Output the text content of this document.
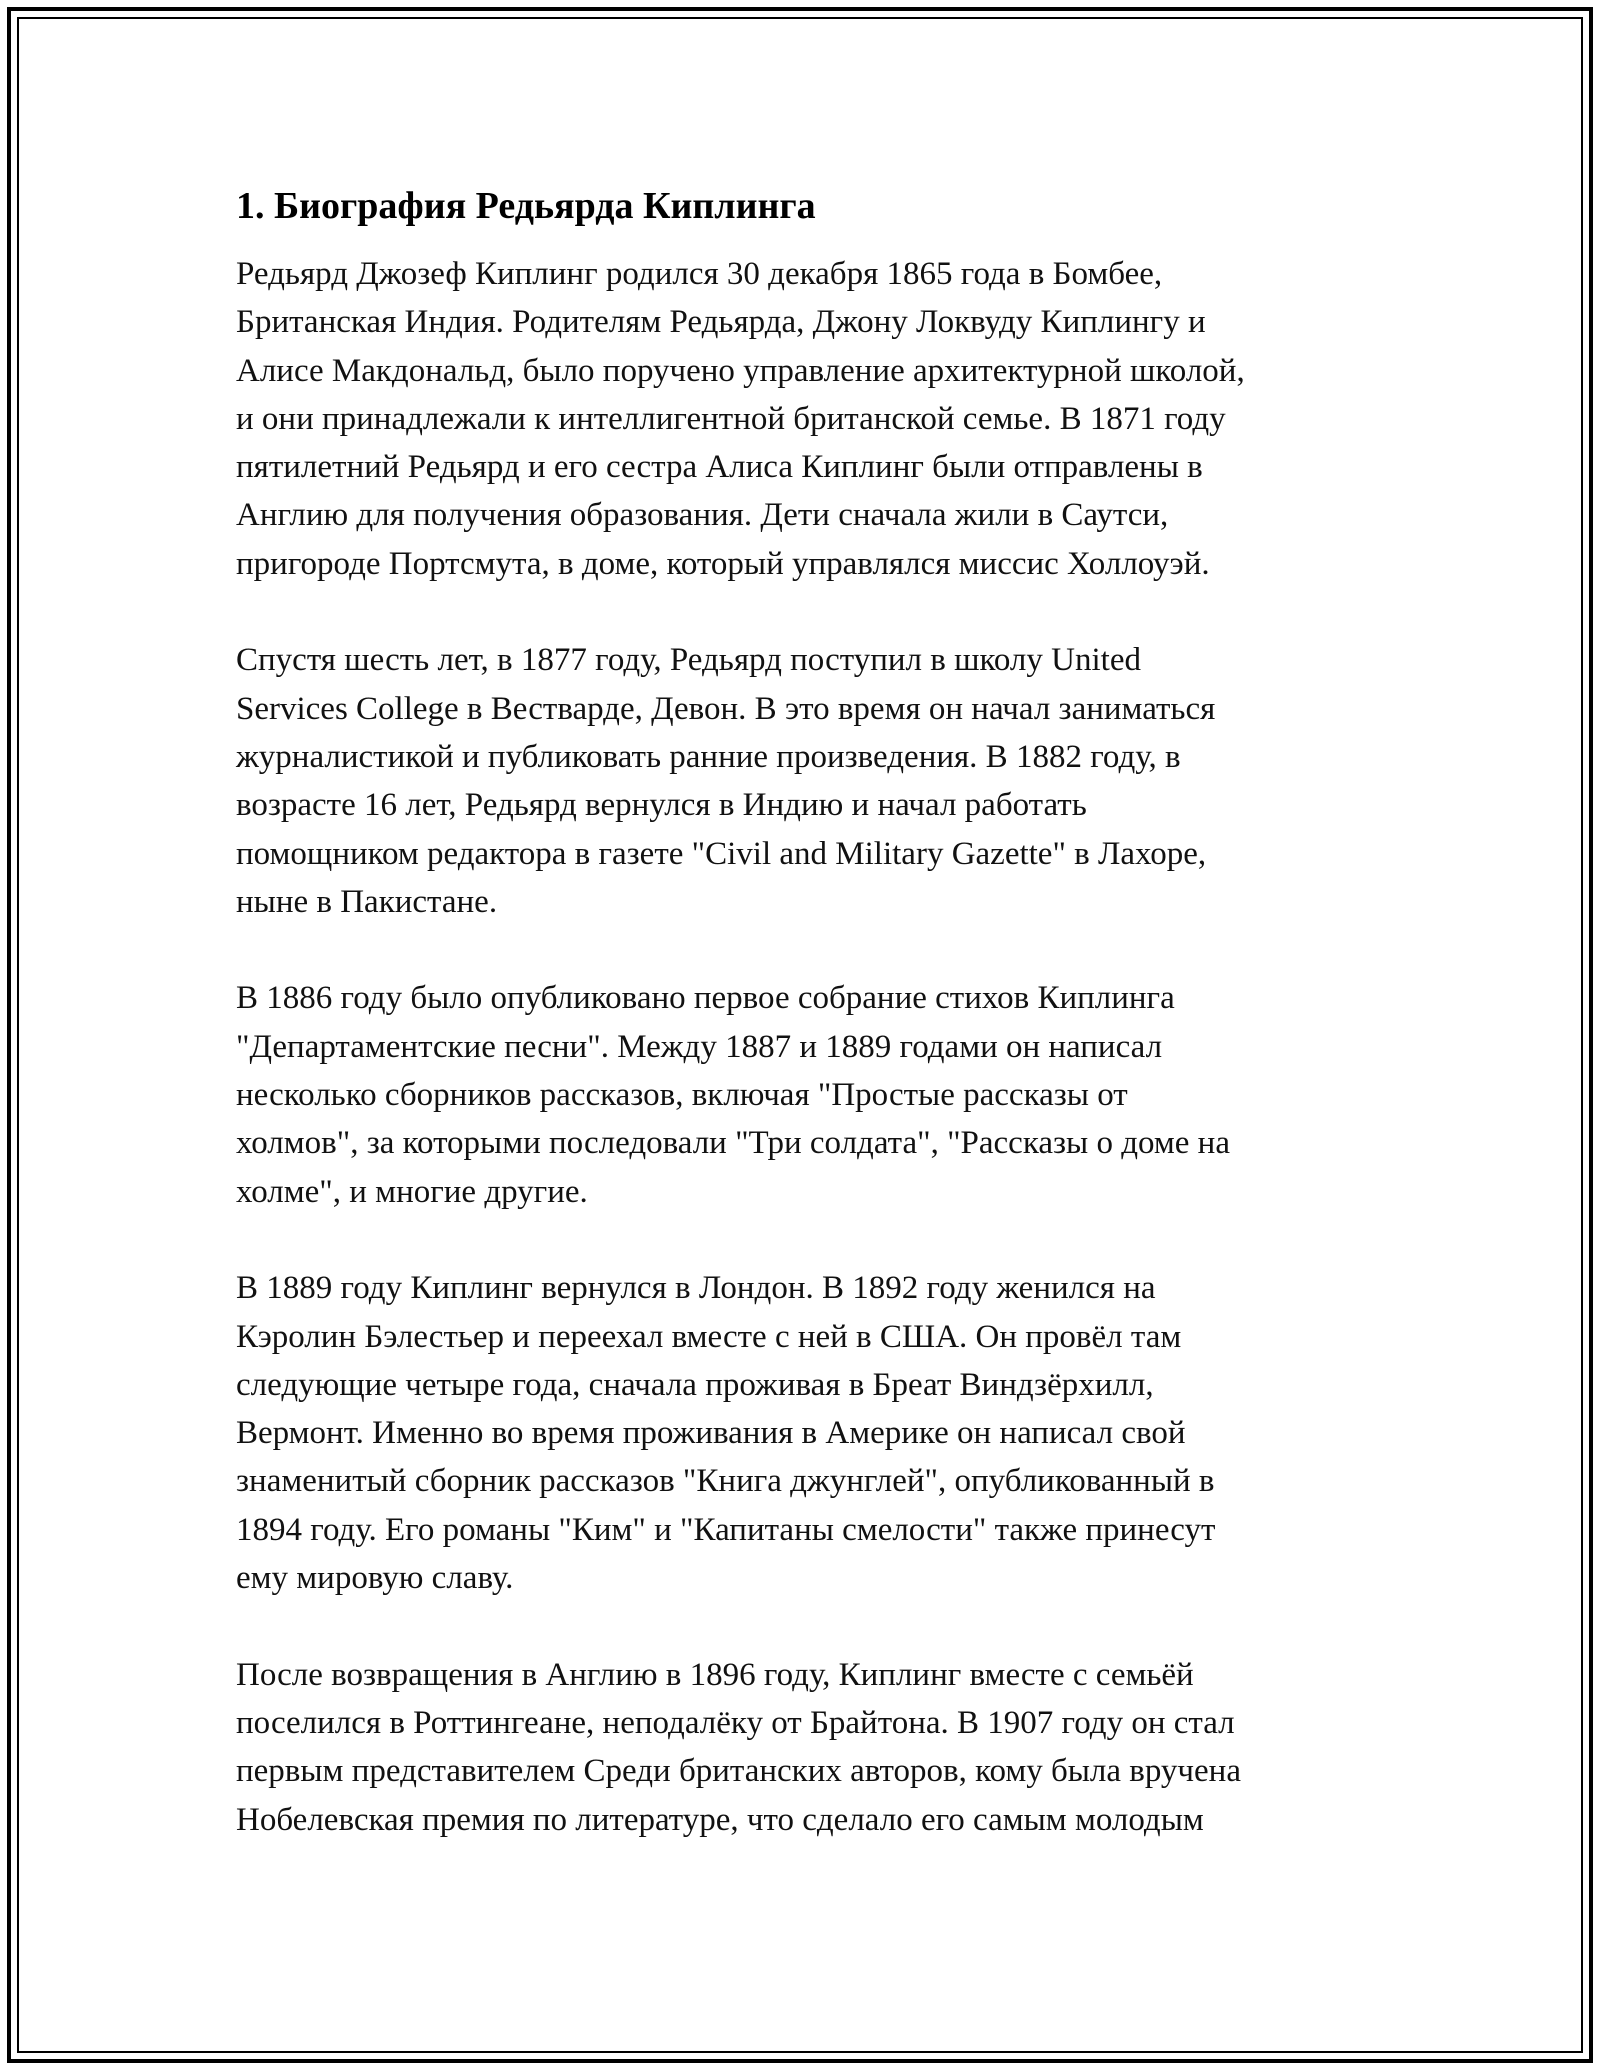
1. Биография Редьярда Киплинга

Редьярд Джозеф Киплинг родился 30 декабря 1865 года в Бомбее,
Британская Индия. Родителям Редьярда, Джону Локвуду Киплингу и
Алисе Макдональд, было поручено управление архитектурной школой,
и они принадлежали к интеллигентной британской семье. В 1871 году
пятилетний Редьярд и его сестра Алиса Киплинг были отправлены в
Англию для получения образования. Дети сначала жили в Саутси,
пригороде Портсмута, в доме, который управлялся миссис Холлоуэй.

Спустя шесть лет, в 1877 году, Редьярд поступил в школу United
Services College в Вестварде, Девон. В это время он начал заниматься
журналистикой и публиковать ранние произведения. В 1882 году, в
возрасте 16 лет, Редьярд вернулся в Индию и начал работать
помощником редактора в газете "Civil and Military Gazette" в Лахоре,
ныне в Пакистане.

В 1886 году было опубликовано первое собрание стихов Киплинга
"Департаментские песни". Между 1887 и 1889 годами он написал
несколько сборников рассказов, включая "Простые рассказы от
холмов", за которыми последовали "Три солдата", "Рассказы о доме на
холме", и многие другие.

В 1889 году Киплинг вернулся в Лондон. В 1892 году женился на
Кэролин Бэлестьер и переехал вместе с ней в США. Он провёл там
следующие четыре года, сначала проживая в Бреат Виндзёрхилл,
Вермонт. Именно во время проживания в Америке он написал свой
знаменитый сборник рассказов "Книга джунглей", опубликованный в
1894 году. Его романы "Ким" и "Капитаны смелости" также принесут
ему мировую славу.

После возвращения в Англию в 1896 году, Киплинг вместе с семьёй
поселился в Роттингеане, неподалёку от Брайтона. В 1907 году он стал
первым представителем Среди британских авторов, кому была вручена
Нобелевская премия по литературе, что сделало его самым молодым
